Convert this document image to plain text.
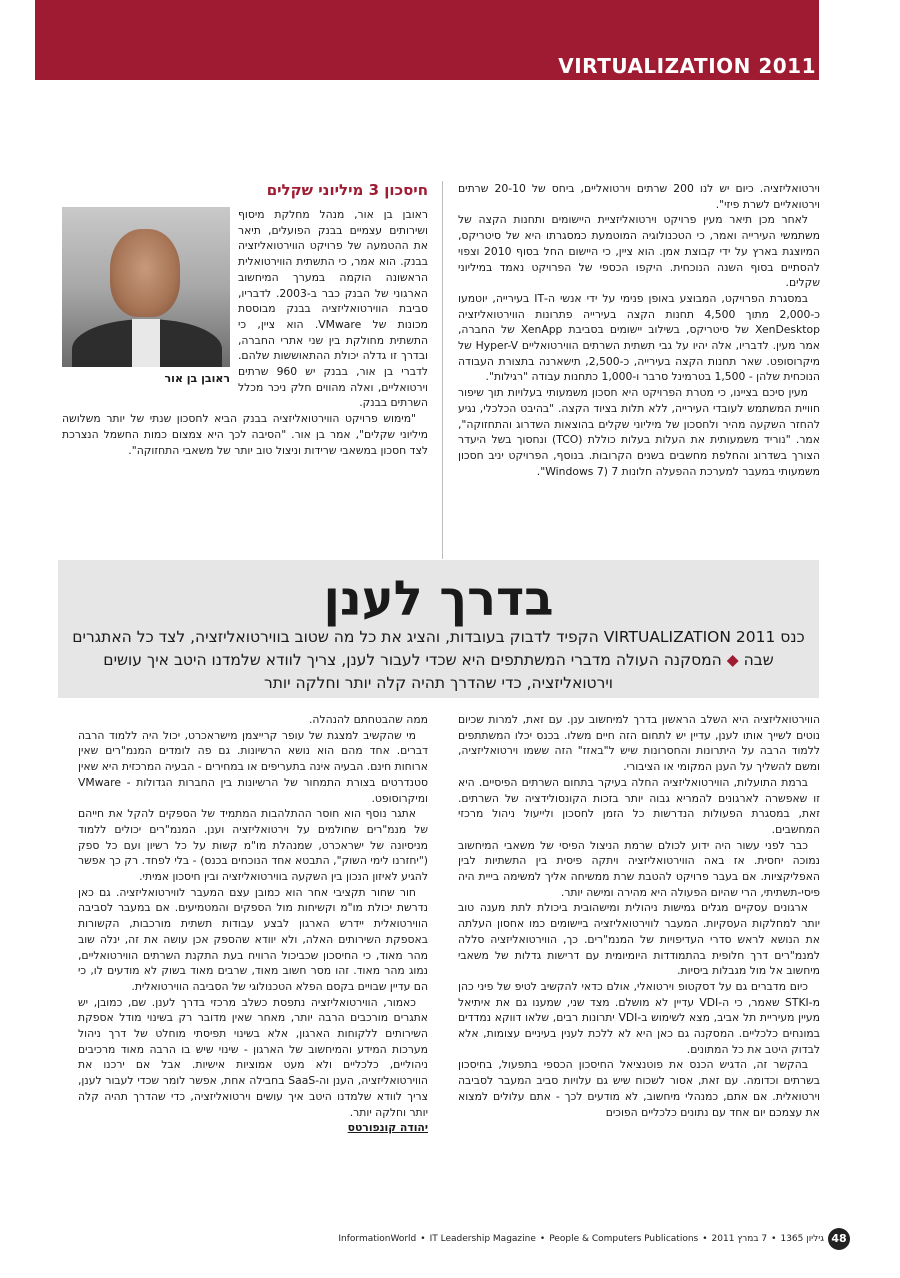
VIRTUALIZATION 2011

וירטואליזציה. כיום יש לנו 200 שרתים וירטואליים, ביחס של 20-10 שרתים וירטואליים לשרת פיזי".

לאחר מכן תיאר מעין פרויקט וירטואליזציית היישומים ותחנות הקצה של משתמשי העירייה ואמר, כי הטכנולוגיה המוטמעת כמסגרתו היא של סיטריקס, המיוצגת בארץ על ידי קבוצת אמן. הוא ציין, כי היישום החל בסוף 2010 וצפוי להסתיים בסוף השנה הנוכחית. היקפו הכספי של הפרויקט נאמד במיליוני שקלים.

במסגרת הפרויקט, המבוצע באופן פנימי על ידי אנשי ה-IT בעירייה, יוטמעו כ-2,000 מתוך 4,500 תחנות הקצה בעירייה פתרונות הווירטואליזציה XenDesktop של סיטריקס, בשילוב יישומים בסביבת XenApp של החברה, אמר מעין. לדבריו, אלה יהיו על גבי תשתית השרתים הווירטואליים Hyper-V של מיקרוסופט. שאר תחנות הקצה בעירייה, כ-2,500, תישארנה בתצורת העבודה הנוכחית שלהן - 1,500 בטרמינל סרבר ו-1,000 כתחנות עבודה "רגילות".

מעין סיכם בציינו, כי מטרת הפרויקט היא חסכון משמעותי בעלויות תוך שיפור חוויית המשתמש לעובדי העירייה, ללא תלות בציוד הקצה. "בהיבט הכלכלי, נגיע להחזר השקעה מהיר ולחסכון של מיליוני שקלים בהוצאות השדרוג והתחזוקה", אמר. "נוריד משמעותית את העלות בעלות כוללת (TCO) ונחסוך בשל היעדר הצורך בשדרוג והחלפת מחשבים בשנים הקרובות. בנוסף, הפרויקט יניב חסכון משמעותי במעבר למערכת ההפעלה חלונות Windows 7) 7".

חיסכון 3 מיליוני שקלים
ראובן בן אור

ראובן בן אור, מנהל מחלקת מיסוף ושירותים עצמיים בבנק הפועלים, תיאר את ההטמעה של פרויקט הווירטואליזציה בבנק. הוא אמר, כי התשתית הווירטואלית הראשונה הוקמה במערך המיחשוב הארגוני של הבנק כבר ב-2003. לדבריו, סביבת הווירטואליזציה בבנק מבוססת מכונות של VMware. הוא ציין, כי התשתית מחולקת בין שני אתרי החברה, ובדרך זו גדלה יכולת ההתאוששות שלהם. לדברי בן אור, בבנק יש 960 שרתים וירטואליים, ואלה מהווים חלק ניכר מכלל השרתים בבנק.

"מימוש פרויקט הווירטואליזציה בבנק הביא לחסכון שנתי של יותר משלושה מיליוני שקלים", אמר בן אור. "הסיבה לכך היא צמצום כמות החשמל הנצרכת לצד חסכון במשאבי שרידות וניצול טוב יותר של משאבי התחזוקה".

בדרך לענן
כנס VIRTUALIZATION 2011 הקפיד לדבוק בעובדות, והציג את כל מה שטוב בווירטואליזציה, לצד כל האתגרים שבה ◆ המסקנה העולה מדברי המשתתפים היא שכדי לעבור לענן, צריך לוודא שלמדנו היטב איך עושים וירטואליזציה, כדי שהדרך תהיה קלה יותר וחלקה יותר

הווירטואליזציה היא השלב הראשון בדרך למיחשוב ענן. עם זאת, למרות שכיום נוטים לשייך אותו לענן, עדיין יש לתחום הזה חיים משלו. בכנס יכלו המשתתפים ללמוד הרבה על היתרונות והחסרונות שיש ל"באזז" הזה ששמו וירטואליזציה, ומשם להשליך על הענן המקומי או הציבורי.

ברמת התועלות, הווירטואליזציה החלה בעיקר בתחום השרתים הפיסיים. היא זו שאפשרה לארגונים להמריא גבוה יותר בזכות הקונסולידציה של השרתים. זאת, במסגרת הפעולות הנדרשות כל הזמן לחסכון ולייעול ניהול מרכזי המחשבים.

כבר לפני עשור היה ידוע לכולם שרמת הניצול הפיסי של משאבי המיחשוב נמוכה יחסית. אז באה הווירטואליזציה ויתקה פיסית בין התשתיות לבין האפליקציות. אם בעבר פרויקט להטבת שרת ממשיחה אליך למשימה בייית היה פיסי-תשתיתי, הרי שהיום הפעולה היא מהירה ומישה יותר.

ארגונים עסקיים מגלים גמישות ניהולית ומישהובית ביכולת לתת מענה טוב יותר למחלקות העסקיות. המעבר לווירטואליזציה ביישומים כמו אחסון העלתה את הנושא לראש סדרי העדיפויות של המנמ"רים. כך, הווירטואליזציה סללה למנמ"רים דרך חלופית בהתמודדות היומיומית עם דרישות גדלות של משאבי מיחשוב אל מול מגבלות ביסיות.

כיום מדברים גם על דסקטופ וירטואלי, אולם כדאי להקשיב לטיפ של פיני כהן מ-STKI שאמר, כי ה-VDI עדיין לא מושלם. מצד שני, שמענו גם את איתיאל מעיין מעיריית תל אביב, מצא לשימוש ב-VDI יתרונות רבים, שלאו דווקא נמדדים במונחים כלכליים. המסקנה גם כאן היא לא ללכת לענין בעיניים עצומות, אלא לבדוק היטב את כל המתונים.

בהקשר זה, הדגיש הכנס את פוטנציאל החיסכון הכספי בתפעול, בחיסכון בשרתים וכדומה. עם זאת, אסור לשכוח שיש גם עלויות סביב המעבר לסביבה וירטואלית. אם אתם, כמנהלי מיחשוב, לא מודעים לכך - אתם עלולים למצוא את עצמכם יום אחד עם נתונים כלכליים הפוכים

ממה שהבטחתם להנהלה.

מי שהקשיב למצגת של עופר קרייצמן מישראכרט, יכול היה ללמוד הרבה דברים. אחד מהם הוא נושא הרשיונות. גם פה לומדים המנמ"רים שאין ארוחות חינם. הבעיה אינה בתעריפים או במחירים - הבעיה המרכזית היא שאין סטנדרטים בצורת התמחור של הרשיונות בין החברות הגדולות - VMware ומיקרוסופט.

אתגר נוסף הוא חוסר ההתלהבות המתמיד של הספקים להקל את חייהם של מנמ"רים שחולמים על וירטואליזציה וענן. המנמ"רים יכולים ללמוד מניסיונה של ישראכרט, שמנהלת מו"מ קשות על כל רשיון ועם כל ספק ("יחזרנו לימי השוק", התבטא אחד הנוכחים בכנס) - בלי לפחד. רק כך אפשר להגיע לאיזון הנכון בין השקעה בווירטואליזציה ובין חיסכון אמיתי.

חור שחור תקציבי אחר הוא כמובן עצם המעבר לווירטואליזציה. גם כאן נדרשת יכולת מו"מ וקשיחות מול הספקים והמטמיעים. אם במעבר לסביבה הווירטואלית יידרש הארגון לבצע עבודות תשתית מורכבות, הקשורות באספקת השירותים האלה, ולא יוודא שהספק אכן עושה את זה, ינלה שוב מהר מאוד, כי החיסכון שכביכול הרוויח בעת התקנת השרתים הווירטואליים, נמוג מהר מאוד. זהו מסר חשוב מאוד, שרבים מאוד בשוק לא מודעים לו, כי הם עדיין שבויים בקסם הפלא הטכנולוגי של הסביבה הווירטואלית.

כאמור, הווירטואליזציה נתפסת כשלב מרכזי בדרך לענן. שם, כמובן, יש אתגרים מורכבים הרבה יותר, מאחר שאין מדובר רק בשינוי מודל אספקת השירותים ללקוחות הארגון, אלא בשינוי תפיסתי מוחלט של דרך ניהול מערכות המידע והמיחשוב של הארגון - שינוי שיש בו הרבה מאוד מרכיבים ניהוליים, כלכליים ולא מעט אמוציות אישיות. אבל אם ירכנו את הווירטואליזציה, הענן וה-SaaS בחבילה אחת, אפשר לומר שכדי לעבור לענן, צריך לוודא שלמדנו היטב איך עושים וירטואליזציה, כדי שהדרך תהיה קלה יותר וחלקה יותר.

יהודה קונפורטס

48
גיליון 1365
•
7 במרץ 2011
•
People & Computers Publications
•
IT Leadership Magazine
•
InformationWorld
